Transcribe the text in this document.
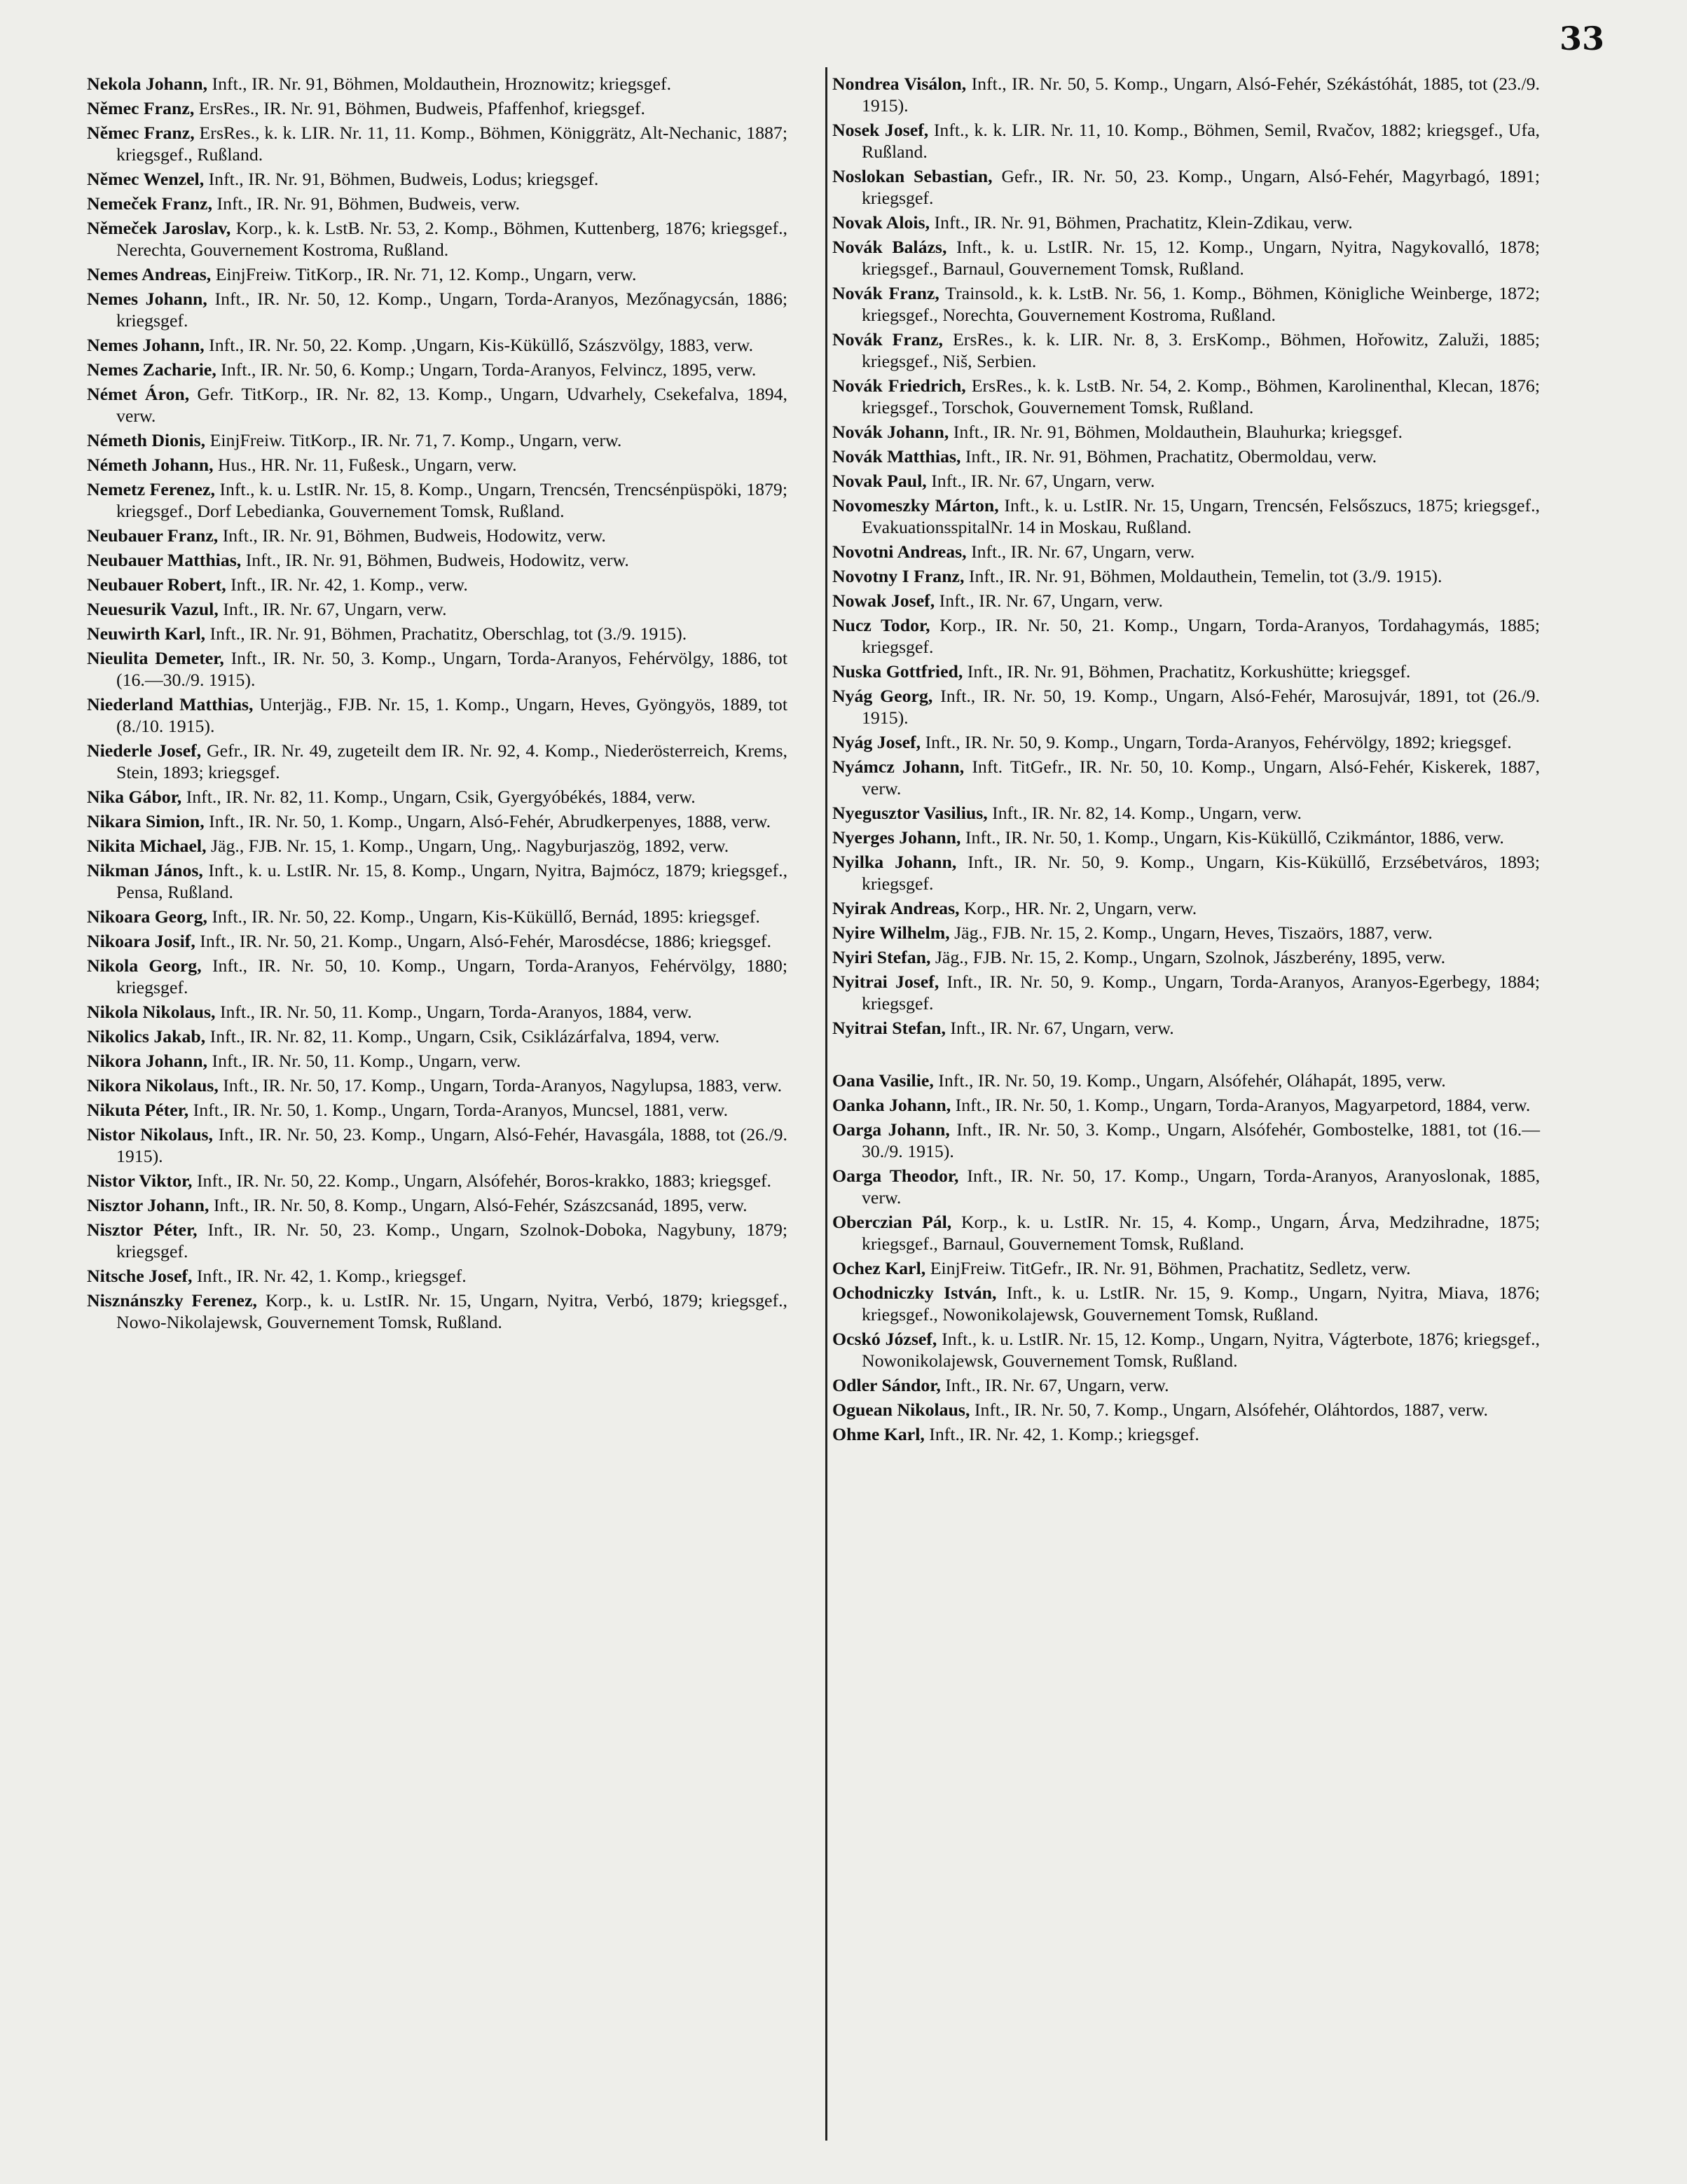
33

Nekola Johann, Inft., IR. Nr. 91, Böhmen, Moldauthein, Hroznowitz; kriegsgef.

Němec Franz, ErsRes., IR. Nr. 91, Böhmen, Budweis, Pfaffenhof, kriegsgef.

Němec Franz, ErsRes., k. k. LIR. Nr. 11, 11. Komp., Böhmen, Königgrätz, Alt-Nechanic, 1887; kriegsgef., Rußland.

Němec Wenzel, Inft., IR. Nr. 91, Böhmen, Budweis, Lodus; kriegsgef.

Nemeček Franz, Inft., IR. Nr. 91, Böhmen, Budweis, verw.

Němeček Jaroslav, Korp., k. k. LstB. Nr. 53, 2. Komp., Böhmen, Kuttenberg, 1876; kriegsgef., Nerechta, Gouvernement Kostroma, Rußland.

Nemes Andreas, EinjFreiw. TitKorp., IR. Nr. 71, 12. Komp., Ungarn, verw.

Nemes Johann, Inft., IR. Nr. 50, 12. Komp., Ungarn, Torda-Aranyos, Mezőnagycsán, 1886; kriegsgef.

Nemes Johann, Inft., IR. Nr. 50, 22. Komp. ,Ungarn, Kis-Küküllő, Szászvölgy, 1883, verw.

Nemes Zacharie, Inft., IR. Nr. 50, 6. Komp.; Ungarn, Torda-Aranyos, Felvincz, 1895, verw.

Német Áron, Gefr. TitKorp., IR. Nr. 82, 13. Komp., Ungarn, Udvarhely, Csekefalva, 1894, verw.

Németh Dionis, EinjFreiw. TitKorp., IR. Nr. 71, 7. Komp., Ungarn, verw.

Németh Johann, Hus., HR. Nr. 11, Fußesk., Ungarn, verw.

Nemetz Ferenez, Inft., k. u. LstIR. Nr. 15, 8. Komp., Ungarn, Trencsén, Trencsénpüspöki, 1879; kriegsgef., Dorf Lebedianka, Gouvernement Tomsk, Rußland.

Neubauer Franz, Inft., IR. Nr. 91, Böhmen, Budweis, Hodowitz, verw.

Neubauer Matthias, Inft., IR. Nr. 91, Böhmen, Budweis, Hodowitz, verw.

Neubauer Robert, Inft., IR. Nr. 42, 1. Komp., verw.

Neuesurik Vazul, Inft., IR. Nr. 67, Ungarn, verw.

Neuwirth Karl, Inft., IR. Nr. 91, Böhmen, Prachatitz, Oberschlag, tot (3./9. 1915).

Nieulita Demeter, Inft., IR. Nr. 50, 3. Komp., Ungarn, Torda-Aranyos, Fehérvölgy, 1886, tot (16.—30./9. 1915).

Niederland Matthias, Unterjäg., FJB. Nr. 15, 1. Komp., Ungarn, Heves, Gyöngyös, 1889, tot (8./10. 1915).

Niederle Josef, Gefr., IR. Nr. 49, zugeteilt dem IR. Nr. 92, 4. Komp., Niederösterreich, Krems, Stein, 1893; kriegsgef.

Nika Gábor, Inft., IR. Nr. 82, 11. Komp., Ungarn, Csik, Gyergyóbékés, 1884, verw.

Nikara Simion, Inft., IR. Nr. 50, 1. Komp., Ungarn, Alsó-Fehér, Abrudkerpenyes, 1888, verw.

Nikita Michael, Jäg., FJB. Nr. 15, 1. Komp., Ungarn, Ung,. Nagyburjaszög, 1892, verw.

Nikman János, Inft., k. u. LstIR. Nr. 15, 8. Komp., Ungarn, Nyitra, Bajmócz, 1879; kriegsgef., Pensa, Rußland.

Nikoara Georg, Inft., IR. Nr. 50, 22. Komp., Ungarn, Kis-Küküllő, Bernád, 1895: kriegsgef.

Nikoara Josif, Inft., IR. Nr. 50, 21. Komp., Ungarn, Alsó-Fehér, Marosdécse, 1886; kriegsgef.

Nikola Georg, Inft., IR. Nr. 50, 10. Komp., Ungarn, Torda-Aranyos, Fehérvölgy, 1880; kriegsgef.

Nikola Nikolaus, Inft., IR. Nr. 50, 11. Komp., Ungarn, Torda-Aranyos, 1884, verw.

Nikolics Jakab, Inft., IR. Nr. 82, 11. Komp., Ungarn, Csik, Csiklázárfalva, 1894, verw.

Nikora Johann, Inft., IR. Nr. 50, 11. Komp., Ungarn, verw.

Nikora Nikolaus, Inft., IR. Nr. 50, 17. Komp., Ungarn, Torda-Aranyos, Nagylupsa, 1883, verw.

Nikuta Péter, Inft., IR. Nr. 50, 1. Komp., Ungarn, Torda-Aranyos, Muncsel, 1881, verw.

Nistor Nikolaus, Inft., IR. Nr. 50, 23. Komp., Ungarn, Alsó-Fehér, Havasgála, 1888, tot (26./9. 1915).

Nistor Viktor, Inft., IR. Nr. 50, 22. Komp., Ungarn, Alsófehér, Boros-krakko, 1883; kriegsgef.

Nisztor Johann, Inft., IR. Nr. 50, 8. Komp., Ungarn, Alsó-Fehér, Szászcsanád, 1895, verw.

Nisztor Péter, Inft., IR. Nr. 50, 23. Komp., Ungarn, Szolnok-Doboka, Nagybuny, 1879; kriegsgef.

Nitsche Josef, Inft., IR. Nr. 42, 1. Komp., kriegsgef.

Nisznánszky Ferenez, Korp., k. u. LstIR. Nr. 15, Ungarn, Nyitra, Verbó, 1879; kriegsgef., Nowo-Nikolajewsk, Gouvernement Tomsk, Rußland.

Nondrea Visálon, Inft., IR. Nr. 50, 5. Komp., Ungarn, Alsó-Fehér, Székástóhát, 1885, tot (23./9. 1915).

Nosek Josef, Inft., k. k. LIR. Nr. 11, 10. Komp., Böhmen, Semil, Rvačov, 1882; kriegsgef., Ufa, Rußland.

Noslokan Sebastian, Gefr., IR. Nr. 50, 23. Komp., Ungarn, Alsó-Fehér, Magyrbagó, 1891; kriegsgef.

Novak Alois, Inft., IR. Nr. 91, Böhmen, Prachatitz, Klein-Zdikau, verw.

Novák Balázs, Inft., k. u. LstIR. Nr. 15, 12. Komp., Ungarn, Nyitra, Nagykovalló, 1878; kriegsgef., Barnaul, Gouvernement Tomsk, Rußland.

Novák Franz, Trainsold., k. k. LstB. Nr. 56, 1. Komp., Böhmen, Königliche Weinberge, 1872; kriegsgef., Norechta, Gouvernement Kostroma, Rußland.

Novák Franz, ErsRes., k. k. LIR. Nr. 8, 3. ErsKomp., Böhmen, Hořowitz, Zaluži, 1885; kriegsgef., Niš, Serbien.

Novák Friedrich, ErsRes., k. k. LstB. Nr. 54, 2. Komp., Böhmen, Karolinenthal, Klecan, 1876; kriegsgef., Torschok, Gouvernement Tomsk, Rußland.

Novák Johann, Inft., IR. Nr. 91, Böhmen, Moldauthein, Blauhurka; kriegsgef.

Novák Matthias, Inft., IR. Nr. 91, Böhmen, Prachatitz, Obermoldau, verw.

Novak Paul, Inft., IR. Nr. 67, Ungarn, verw.

Novomeszky Márton, Inft., k. u. LstIR. Nr. 15, Ungarn, Trencsén, Felsőszucs, 1875; kriegsgef., EvakuationsspitalNr. 14 in Moskau, Rußland.

Novotni Andreas, Inft., IR. Nr. 67, Ungarn, verw.

Novotny I Franz, Inft., IR. Nr. 91, Böhmen, Moldauthein, Temelin, tot (3./9. 1915).

Nowak Josef, Inft., IR. Nr. 67, Ungarn, verw.

Nucz Todor, Korp., IR. Nr. 50, 21. Komp., Ungarn, Torda-Aranyos, Tordahagymás, 1885; kriegsgef.

Nuska Gottfried, Inft., IR. Nr. 91, Böhmen, Prachatitz, Korkushütte; kriegsgef.

Nyág Georg, Inft., IR. Nr. 50, 19. Komp., Ungarn, Alsó-Fehér, Marosujvár, 1891, tot (26./9. 1915).

Nyág Josef, Inft., IR. Nr. 50, 9. Komp., Ungarn, Torda-Aranyos, Fehérvölgy, 1892; kriegsgef.

Nyámcz Johann, Inft. TitGefr., IR. Nr. 50, 10. Komp., Ungarn, Alsó-Fehér, Kiskerek, 1887, verw.

Nyegusztor Vasilius, Inft., IR. Nr. 82, 14. Komp., Ungarn, verw.

Nyerges Johann, Inft., IR. Nr. 50, 1. Komp., Ungarn, Kis-Küküllő, Czikmántor, 1886, verw.

Nyilka Johann, Inft., IR. Nr. 50, 9. Komp., Ungarn, Kis-Küküllő, Erzsébetváros, 1893; kriegsgef.

Nyirak Andreas, Korp., HR. Nr. 2, Ungarn, verw.

Nyire Wilhelm, Jäg., FJB. Nr. 15, 2. Komp., Ungarn, Heves, Tiszaörs, 1887, verw.

Nyiri Stefan, Jäg., FJB. Nr. 15, 2. Komp., Ungarn, Szolnok, Jászberény, 1895, verw.

Nyitrai Josef, Inft., IR. Nr. 50, 9. Komp., Ungarn, Torda-Aranyos, Aranyos-Egerbegy, 1884; kriegsgef.

Nyitrai Stefan, Inft., IR. Nr. 67, Ungarn, verw.

Oana Vasilie, Inft., IR. Nr. 50, 19. Komp., Ungarn, Alsófehér, Oláhapát, 1895, verw.

Oanka Johann, Inft., IR. Nr. 50, 1. Komp., Ungarn, Torda-Aranyos, Magyarpetord, 1884, verw.

Oarga Johann, Inft., IR. Nr. 50, 3. Komp., Ungarn, Alsófehér, Gombostelke, 1881, tot (16.—30./9. 1915).

Oarga Theodor, Inft., IR. Nr. 50, 17. Komp., Ungarn, Torda-Aranyos, Aranyoslonak, 1885, verw.

Oberczian Pál, Korp., k. u. LstIR. Nr. 15, 4. Komp., Ungarn, Árva, Medzihradne, 1875; kriegsgef., Barnaul, Gouvernement Tomsk, Rußland.

Ochez Karl, EinjFreiw. TitGefr., IR. Nr. 91, Böhmen, Prachatitz, Sedletz, verw.

Ochodniczky István, Inft., k. u. LstIR. Nr. 15, 9. Komp., Ungarn, Nyitra, Miava, 1876; kriegsgef., Nowonikolajewsk, Gouvernement Tomsk, Rußland.

Ocskó József, Inft., k. u. LstIR. Nr. 15, 12. Komp., Ungarn, Nyitra, Vágterbote, 1876; kriegsgef., Nowonikolajewsk, Gouvernement Tomsk, Rußland.

Odler Sándor, Inft., IR. Nr. 67, Ungarn, verw.

Oguean Nikolaus, Inft., IR. Nr. 50, 7. Komp., Ungarn, Alsófehér, Oláhtordos, 1887, verw.

Ohme Karl, Inft., IR. Nr. 42, 1. Komp.; kriegsgef.
